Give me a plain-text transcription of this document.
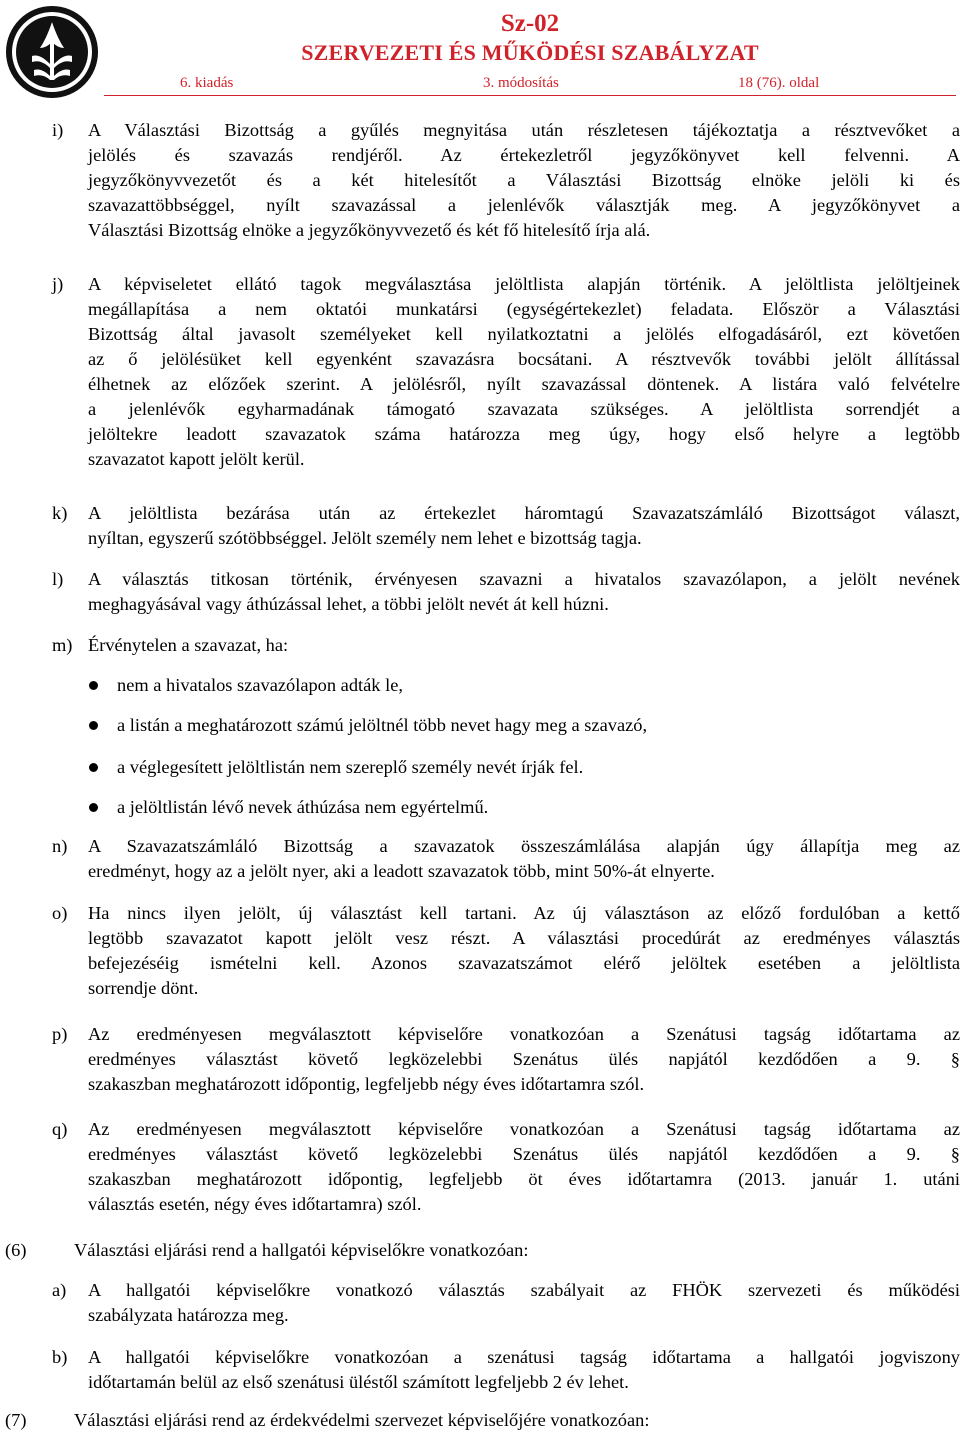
Sz-02
SZERVEZETI ÉS MŰKÖDÉSI SZABÁLYZAT
6. kiadás	3. módosítás	18 (76). oldal
i)	A Választási Bizottság a gyűlés megnyitása után részletesen tájékoztatja a résztvevőket a
jelölés és szavazás rendjéről. Az értekezletről jegyzőkönyvet kell felvenni. A
jegyzőkönyvvezetőt és a két hitelesítőt a Választási Bizottság elnöke jelöli ki és
szavazattöbbséggel, nyílt szavazással a jelenlévők választják meg. A jegyzőkönyvet a
Választási Bizottság elnöke a jegyzőkönyvvezető és két fő hitelesítő írja alá.
j)	A képviseletet ellátó tagok megválasztása jelöltlista alapján történik. A jelöltlista jelöltjeinek
megállapítása a nem oktatói munkatársi (egységértekezlet) feladata. Először a Választási
Bizottság által javasolt személyeket kell nyilatkoztatni a jelölés elfogadásáról, ezt követően
az ő jelölésüket kell egyenként szavazásra bocsátani. A résztvevők további jelölt állítással
élhetnek az előzőek szerint. A jelölésről, nyílt szavazással döntenek. A listára való felvételre
a jelenlévők egyharmadának támogató szavazata szükséges. A jelöltlista sorrendjét a
jelöltekre leadott szavazatok száma határozza meg úgy, hogy első helyre a legtöbb
szavazatot kapott jelölt kerül.
k)	A jelöltlista bezárása után az értekezlet háromtagú Szavazatszámláló Bizottságot választ,
nyíltan, egyszerű szótöbbséggel. Jelölt személy nem lehet e bizottság tagja.
l)	A választás titkosan történik, érvényesen szavazni a hivatalos szavazólapon, a jelölt nevének
meghagyásával vagy áthúzással lehet, a többi jelölt nevét át kell húzni.
m) Érvénytelen a szavazat, ha:
nem a hivatalos szavazólapon adták le,
a listán a meghatározott számú jelöltnél több nevet hagy meg a szavazó,
a véglegesített jelöltlistán nem szereplő személy nevét írják fel.
a jelöltlistán lévő nevek áthúzása nem egyértelmű.
n)	A Szavazatszámláló Bizottság a szavazatok összeszámlálása alapján úgy állapítja meg az
eredményt, hogy az a jelölt nyer, aki a leadott szavazatok több, mint 50%-át elnyerte.
o)	Ha nincs ilyen jelölt, új választást kell tartani. Az új választáson az előző fordulóban a kettő
legtöbb szavazatot kapott jelölt vesz részt. A választási procedúrát az eredményes választás
befejezéséig ismételni kell. Azonos szavazatszámot elérő jelöltek esetében a jelöltlista
sorrendje dönt.
p)	Az eredményesen megválasztott képviselőre vonatkozóan a Szenátusi tagság időtartama az
eredményes választást követő legközelebbi Szenátus ülés napjától kezdődően a 9. §
szakaszban meghatározott időpontig, legfeljebb négy éves időtartamra szól.
q)	Az eredményesen megválasztott képviselőre vonatkozóan a Szenátusi tagság időtartama az
eredményes választást követő legközelebbi Szenátus ülés napjától kezdődően a 9. §
szakaszban meghatározott időpontig, legfeljebb öt éves időtartamra (2013. január 1. utáni
választás esetén, négy éves időtartamra) szól.
(6)	Választási eljárási rend a hallgatói képviselőkre vonatkozóan:
a)	A hallgatói képviselőkre vonatkozó választás szabályait az FHÖK szervezeti és működési
szabályzata határozza meg.
b)	A hallgatói képviselőkre vonatkozóan a szenátusi tagság időtartama a hallgatói jogviszony
időtartamán belül az első szenátusi üléstől számított legfeljebb 2 év lehet.
(7)	Választási eljárási rend az érdekvédelmi szervezet képviselőjére vonatkozóan:
